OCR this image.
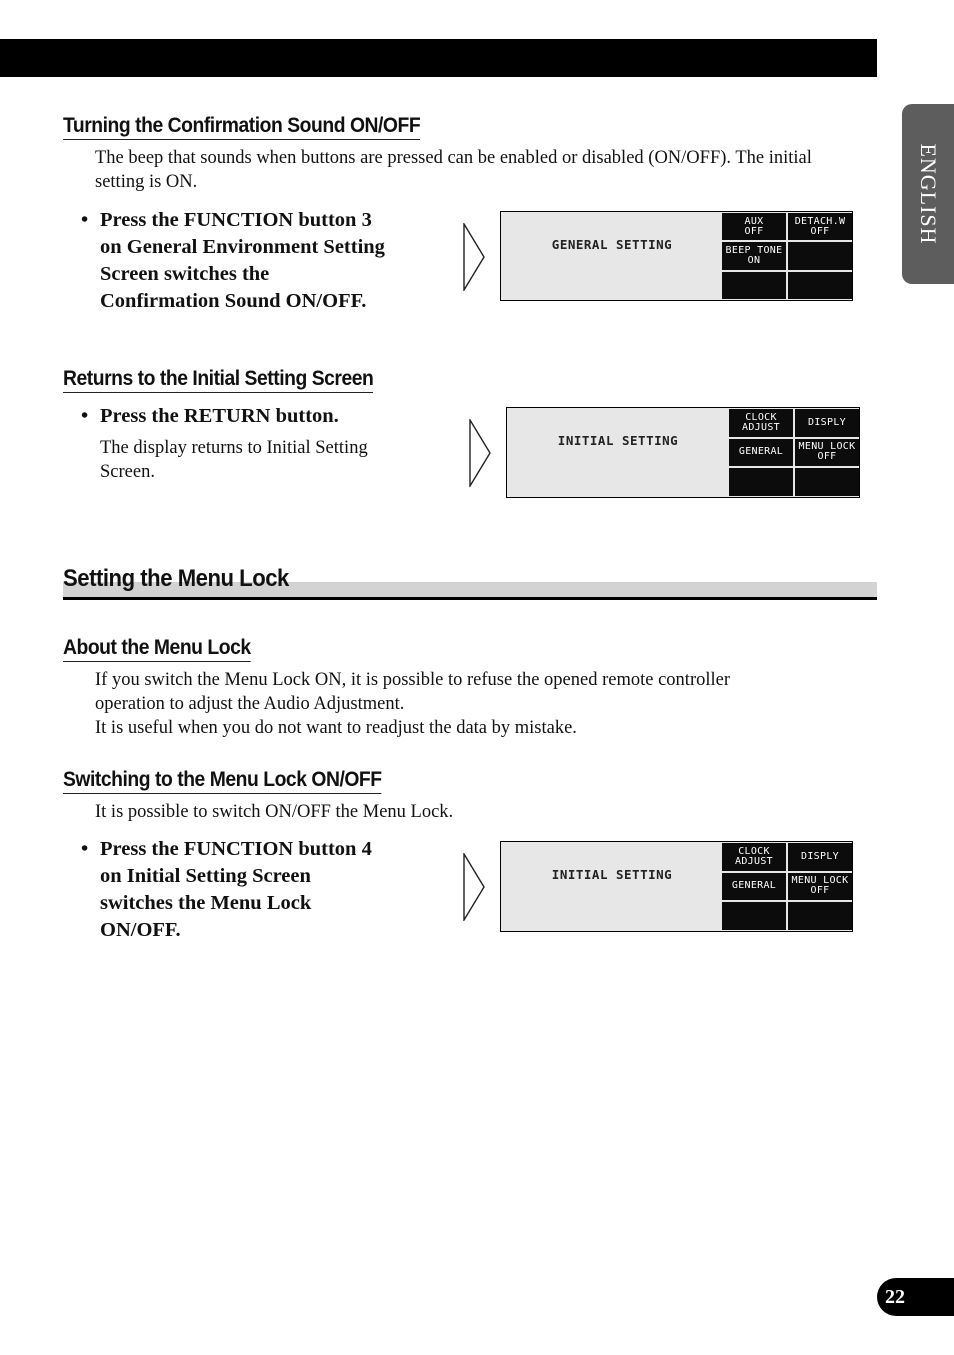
ENGLISH
Turning the Confirmation Sound ON/OFF
The beep that sounds when buttons are pressed can be enabled or disabled (ON/OFF). The initial setting is ON.
• Press the FUNCTION button 3
on General Environment Setting
Screen switches the
Confirmation Sound ON/OFF.
GENERAL SETTING
AUX
OFF
DETACH.W
OFF
BEEP TONE
ON
Returns to the Initial Setting Screen
• Press the RETURN button.
The display returns to Initial Setting
Screen.
INITIAL SETTING
CLOCK
ADJUST	DISPLY
GENERAL	MENU LOCK
OFF
Setting the Menu Lock
About the Menu Lock
If you switch the Menu Lock ON, it is possible to refuse the opened remote controller
operation to adjust the Audio Adjustment.
It is useful when you do not want to readjust the data by mistake.
Switching to the Menu Lock ON/OFF
It is possible to switch ON/OFF the Menu Lock.
• Press the FUNCTION button 4
on Initial Setting Screen
switches the Menu Lock
ON/OFF.
INITIAL SETTING
CLOCK
ADJUST	DISPLY
GENERAL	MENU LOCK
OFF
22
